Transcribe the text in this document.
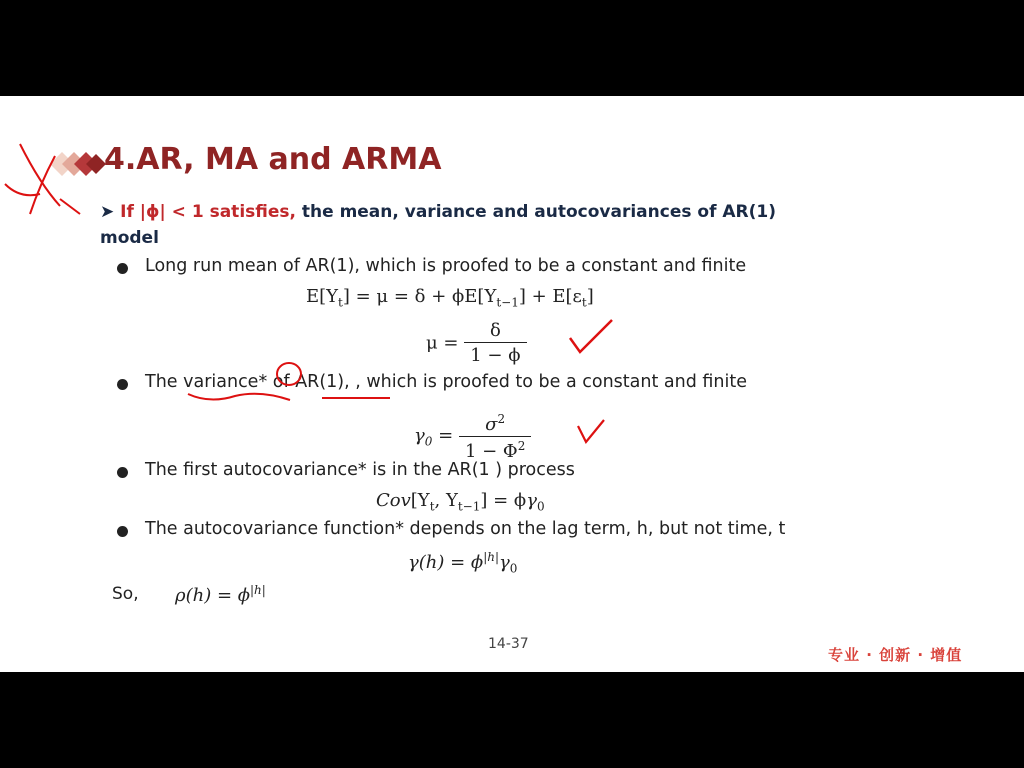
4.AR, MA and ARMA
➤ If |ϕ| < 1 satisfies, the mean, variance and autocovariances of AR(1)
model
Long run mean of AR(1), which is proofed to be a constant and finite
$E[Y_t] = \mu = \delta + \phi E[Y_{t-1}] + E[\varepsilon_t]$
$\mu = \frac{\delta}{1 - \phi}$
The variance* of AR(1), , which is proofed to be a constant and finite
$\gamma_0 = \frac{\sigma^2}{1 - \Phi^2}$
The first autocovariance* is in the AR(1 ) process
$Cov[Y_t$, $Y_{t-1}] = \phi\gamma_0$
The autocovariance function* depends on the lag term, h, but not time, t
$\gamma(h) = \phi^{|h|}\gamma_0$
So, $\rho(h) = \phi^{|h|}$
14-37
专业 · 创新 · 增值
